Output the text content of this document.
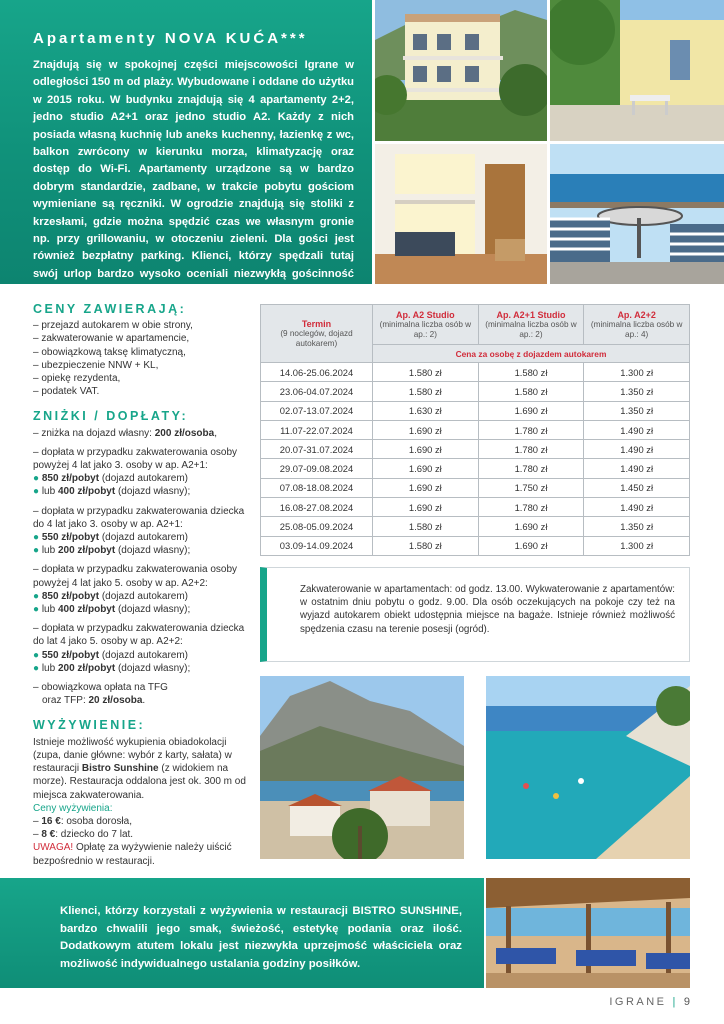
Apartamenty NOVA KUĆA***

Znajdują się w spokojnej części miejscowości Igrane w odległości 150 m od plaży. Wybudowane i oddane do użytku w 2015 roku. W budynku znajdują się 4 apartamenty 2+2, jedno studio A2+1 oraz jedno studio A2. Każdy z nich posiada własną kuchnię lub aneks kuchenny, łazienkę z wc, balkon zwrócony w kierunku morza, klimatyzację oraz dostęp do Wi-Fi. Apartamenty urządzone są w bardzo dobrym standardzie, zadbane, w trakcie pobytu gościom wymieniane są ręczniki. W ogrodzie znajdują się stoliki z krzesłami, gdzie można spędzić czas we własnym gronie np. przy grillowaniu, w otoczeniu zieleni. Dla gości jest również bezpłatny parking. Klienci, którzy spędzali tutaj swój urlop bardzo wysoko oceniali niezwykłą gościnność gospodarzy oraz wspaniałą atmosferę tego miejsca.

CENY ZAWIERAJĄ:
– przejazd autokarem w obie strony,
– zakwaterowanie w apartamencie,
– obowiązkową taksę klimatyczną,
– ubezpieczenie NNW + KL,
– opiekę rezydenta,
– podatek VAT.
ZNIŻKI / DOPŁATY:
– zniżka na dojazd własny: 200 zł/osoba,
– dopłata w przypadku zakwaterowania osoby powyżej 4 lat jako 3. osoby w ap. A2+1:
● 850 zł/pobyt (dojazd autokarem)
● lub 400 zł/pobyt (dojazd własny);
– dopłata w przypadku zakwaterowania dziecka do 4 lat jako 3. osoby w ap. A2+1:
● 550 zł/pobyt (dojazd autokarem)
● lub 200 zł/pobyt (dojazd własny);
– dopłata w przypadku zakwaterowania osoby powyżej 4 lat jako 5. osoby w ap. A2+2:
● 850 zł/pobyt (dojazd autokarem)
● lub 400 zł/pobyt (dojazd własny);
– dopłata w przypadku zakwaterowania dziecka do lat 4 jako 5. osoby w ap. A2+2:
● 550 zł/pobyt (dojazd autokarem)
● lub 200 zł/pobyt (dojazd własny);
– obowiązkowa opłata na TFG
oraz TFP: 20 zł/osoba.
WYŻYWIENIE:
Istnieje możliwość wykupienia obiadokolacji (zupa, danie główne: wybór z karty, sałata) w restauracji Bistro Sunshine (z widokiem na morze). Restauracja oddalona jest ok. 300 m od miejsca zakwaterowania.
Ceny wyżywienia:
– 16 €: osoba dorosła,
– 8 €: dziecko do 7 lat.
UWAGA! Opłatę za wyżywienie należy uiścić bezpośrednio w restauracji.
Termin
(9 noclegów, dojazd autokarem)	Ap. A2 Studio
(minimalna liczba osób w ap.: 2)	Ap. A2+1 Studio
(minimalna liczba osób w ap.: 2)	Ap. A2+2
(minimalna liczba osób w ap.: 4)

	Cena za osobę z dojazdem autokarem		
14.06-25.06.2024	1.580 zł	1.580 zł	1.300 zł
23.06-04.07.2024	1.580 zł	1.580 zł	1.350 zł
02.07-13.07.2024	1.630 zł	1.690 zł	1.350 zł
11.07-22.07.2024	1.690 zł	1.780 zł	1.490 zł
20.07-31.07.2024	1.690 zł	1.780 zł	1.490 zł
29.07-09.08.2024	1.690 zł	1.780 zł	1.490 zł
07.08-18.08.2024	1.690 zł	1.750 zł	1.450 zł
16.08-27.08.2024	1.690 zł	1.780 zł	1.490 zł
25.08-05.09.2024	1.580 zł	1.690 zł	1.350 zł
03.09-14.09.2024	1.580 zł	1.690 zł	1.300 zł

Zakwaterowanie w apartamentach: od godz. 13.00. Wykwaterowanie z apartamentów: w ostatnim dniu pobytu o godz. 9.00. Dla osób oczekujących na pokoje czy też na wyjazd autokarem obiekt udostępnia miejsce na bagaże. Istnieje również możliwość spędzenia czasu na terenie posesji (ogród).

Klienci, którzy korzystali z wyżywienia w restauracji BISTRO SUNSHINE, bardzo chwalili jego smak, świeżość, estetykę podania oraz ilość. Dodatkowym atutem lokalu jest niezwykła uprzejmość właściciela oraz możliwość indywidualnego ustalania godziny posiłków.

IGRANE | 9
